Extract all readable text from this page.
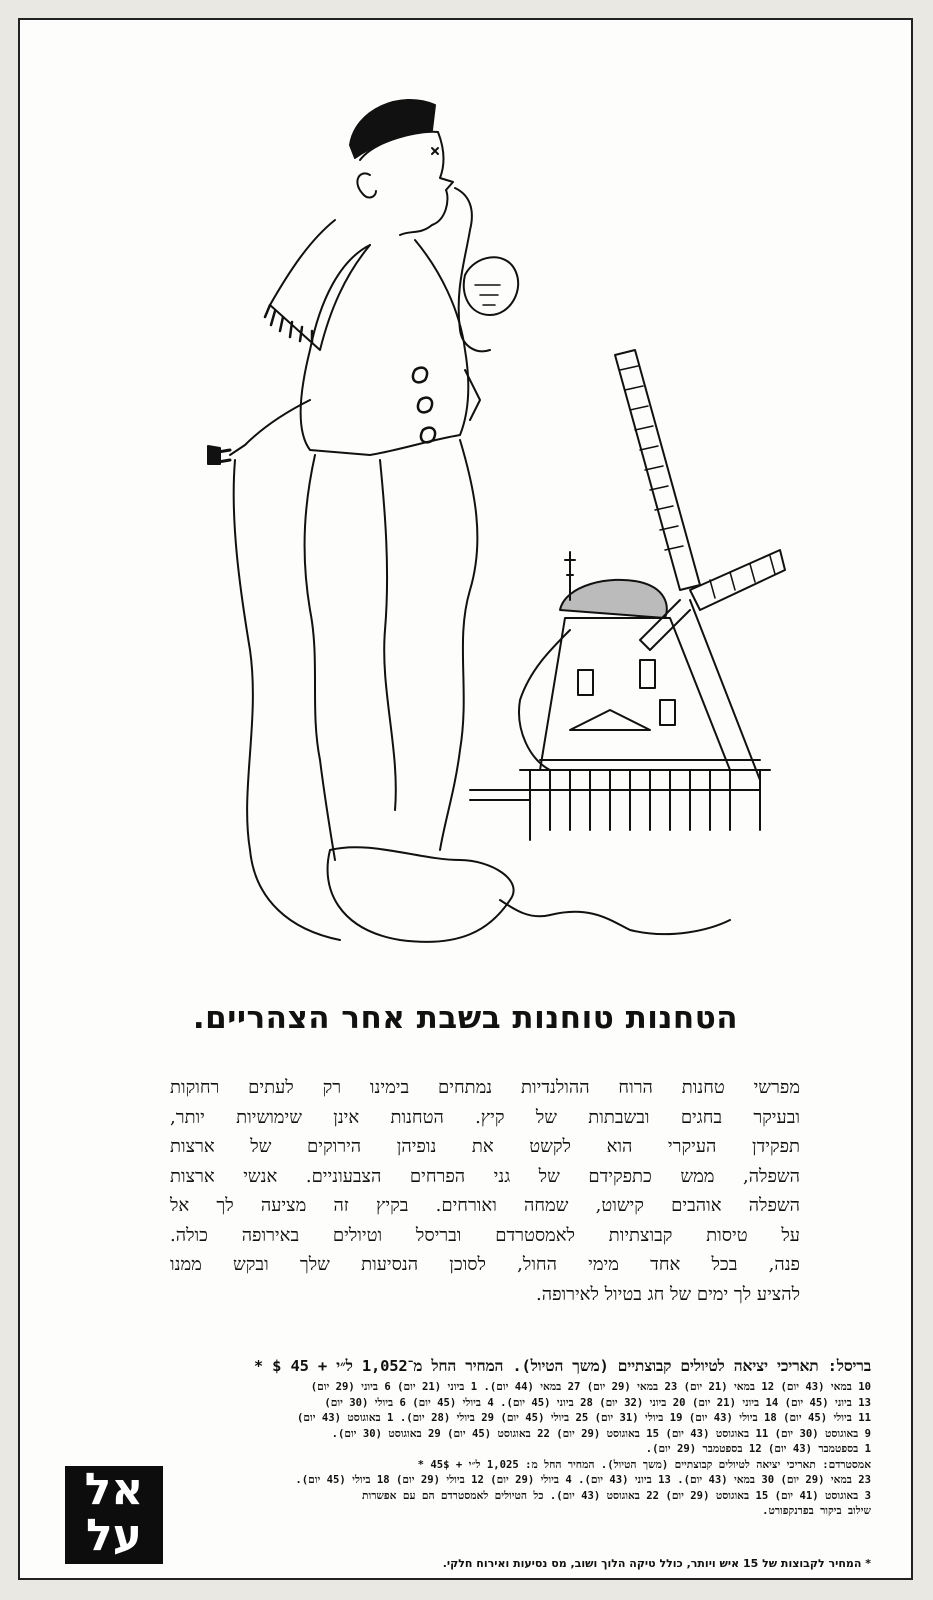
הטחנות טוחנות בשבת אחר הצהריים.
מפרשי טחנות הרוח ההולנדיות נמתחים בימינו רק לעתים רחוקות
ובעיקר בחגים ובשבתות של קיץ. הטחנות אינן שימושיות יותר,
תפקידן העיקרי הוא לקשט את נופיהן הירוקים של ארצות
השפלה, ממש כתפקידם של גני הפרחים הצבעוניים. אנשי ארצות
השפלה אוהבים קישוט, שמחה ואורחים. בקיץ זה מציעה לך אל
על טיסות קבוצתיות לאמסטרדם ובריסל וטיולים באירופה כולה.
פנה, בכל אחד מימי החול, לסוכן הנסיעות שלך ובקש ממנו
להציע לך ימים של חג בטיול לאירופה.
בריסל: תאריכי יציאה לטיולים קבוצתיים (משך הטיול). המחיר החל מ־1,052 ל״י + 45 $ *
10 במאי (43 יום) 12 במאי (21 יום) 23 במאי (29 יום) 27 במאי (44 יום). 1 ביוני (21 יום) 6 ביוני (29 יום)
13 ביוני (45 יום) 14 ביוני (21 יום) 20 ביוני (32 יום) 28 ביוני (45 יום). 4 ביולי (45 יום) 6 ביולי (30 יום)
11 ביולי (45 יום) 18 ביולי (43 יום) 19 ביולי (31 יום) 25 ביולי (45 יום) 29 ביולי (28 יום). 1 באוגוסט (43 יום)
9 באוגוסט (30 יום) 11 באוגוסט (43 יום) 15 באוגוסט (29 יום) 22 באוגוסט (45 יום) 29 באוגוסט (30 יום).
1 בספטמבר (43 יום) 12 בספטמבר (29 יום).
אמסטרדם: תאריכי יציאה לטיולים קבוצתיים (משך הטיול). המחיר החל מ: 1,025 ל״י + 45$ *
23 במאי (29 יום) 30 במאי (43 יום). 13 ביוני (43 יום). 4 ביולי (29 יום) 12 ביולי (29 יום) 18 ביולי (45 יום).
3 באוגוסט (41 יום) 15 באוגוסט (29 יום) 22 באוגוסט (43 יום). כל הטיולים לאמסטרדם הם עם אפשרות
שילוב ביקור בפרנקפורט.
אל
על
* המחיר לקבוצות של 15 איש ויותר, כולל טיקה הלוך ושוב, מס נסיעות ואירוח חלקי.
